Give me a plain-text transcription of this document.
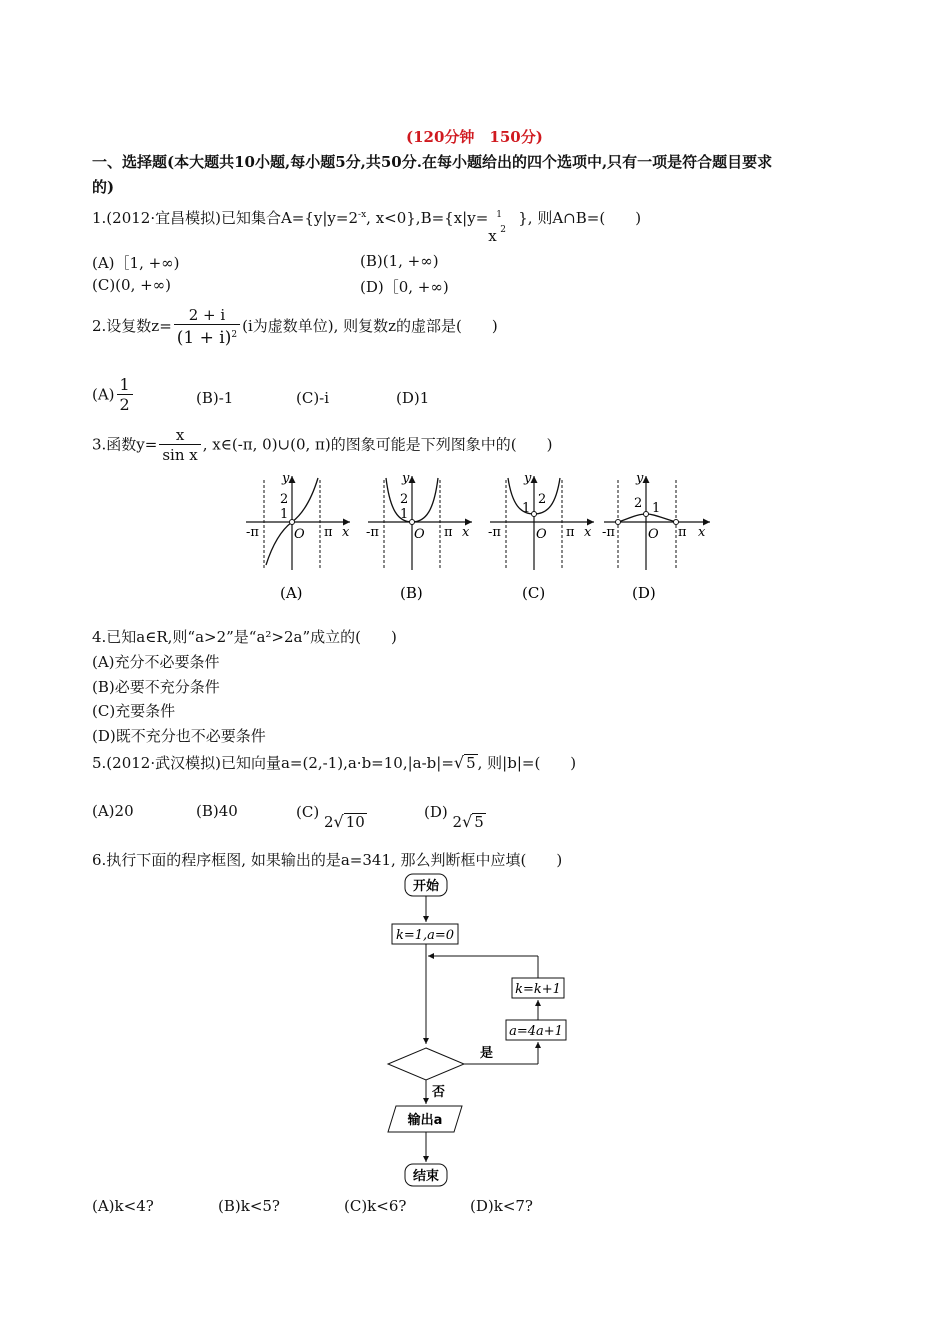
(120分钟　150分)
一、选择题(本大题共10小题,每小题5分,共50分.在每小题给出的四个选项中,只有一项是符合题目要求
的)
1.(2012·宜昌模拟)已知集合$A=\{y|y=2^{-x}$, x<0},B={x|y= 1
x 2
}, 则A∩B=(　　)
(A)［1, +∞)	(B)(1, +∞)
(C)(0, +∞)	(D)［0, +∞)
2.设复数$z= \frac{2 + i}{(1 + i)^2} (i$为虚数单位), 则复数z的虚部是(　　)
$(A) \frac{1}{2}$	(B)-1	(C)-i	(D)1
3.函数$y= \frac{x}{\text{sin x}}$ , x∈(-π, 0)∪(0, π)的图象可能是下列图象中的(　　)
y
2
1
O
-π	π x
(A)
y
2
1
O
-π	π x
(B)
y
2
1
O
-π	π x
(C)
y
2 1
O
-π	π x
(D)
4.已知a∈R,则“a>2”是“a²>2a”成立的(　　)
(A)充分不必要条件
(B)必要不充分条件
(C)充要条件
(D)既不充分也不必要条件
5.(2012·武汉模拟)已知向量a=(2,-1),a·b=10,|a-b|=√ 5 , 则|b|=(　　)
(A)20	(B)40	(C) 2√ 10
(D) 2√ 5
6.执行下面的程序框图, 如果输出的是a=341, 那么判断框中应填(　　)
开始
k=1,a=0
k=k+1
a=4a+1
是
否
输出a
结束
(A)k<4?	(B)k<5?	(C)k<6?	(D)k<7?
